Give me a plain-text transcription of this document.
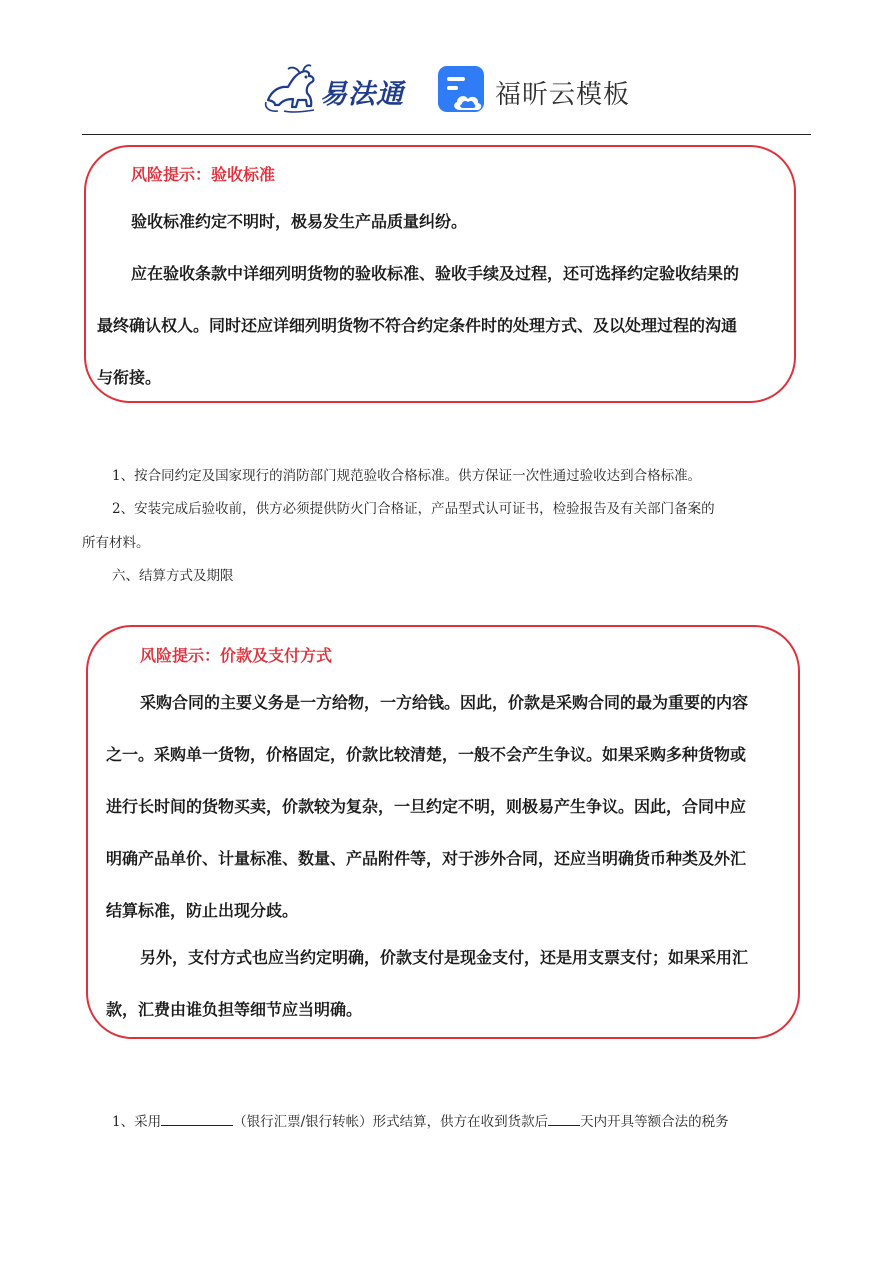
易法通	福昕云模板
风险提示：验收标准

验收标准约定不明时，极易发生产品质量纠纷。

应在验收条款中详细列明货物的验收标准、验收手续及过程，还可选择约定验收结果的

最终确认权人。同时还应详细列明货物不符合约定条件时的处理方式、及以处理过程的沟通

与衔接。

1、按合同约定及国家现行的消防部门规范验收合格标准。供方保证一次性通过验收达到合格标准。
2、安装完成后验收前，供方必须提供防火门合格证，产品型式认可证书，检验报告及有关部门备案的
所有材料。
六、结算方式及期限
风险提示：价款及支付方式

采购合同的主要义务是一方给物，一方给钱。因此，价款是采购合同的最为重要的内容

之一。采购单一货物，价格固定，价款比较清楚，一般不会产生争议。如果采购多种货物或

进行长时间的货物买卖，价款较为复杂，一旦约定不明，则极易产生争议。因此，合同中应

明确产品单价、计量标准、数量、产品附件等，对于涉外合同，还应当明确货币种类及外汇

结算标准，防止出现分歧。

另外，支付方式也应当约定明确，价款支付是现金支付，还是用支票支付；如果采用汇

款，汇费由谁负担等细节应当明确。

1、采用	（银行汇票/银行转帐）形式结算，供方在收到货款后 天内开具等额合法的税务
